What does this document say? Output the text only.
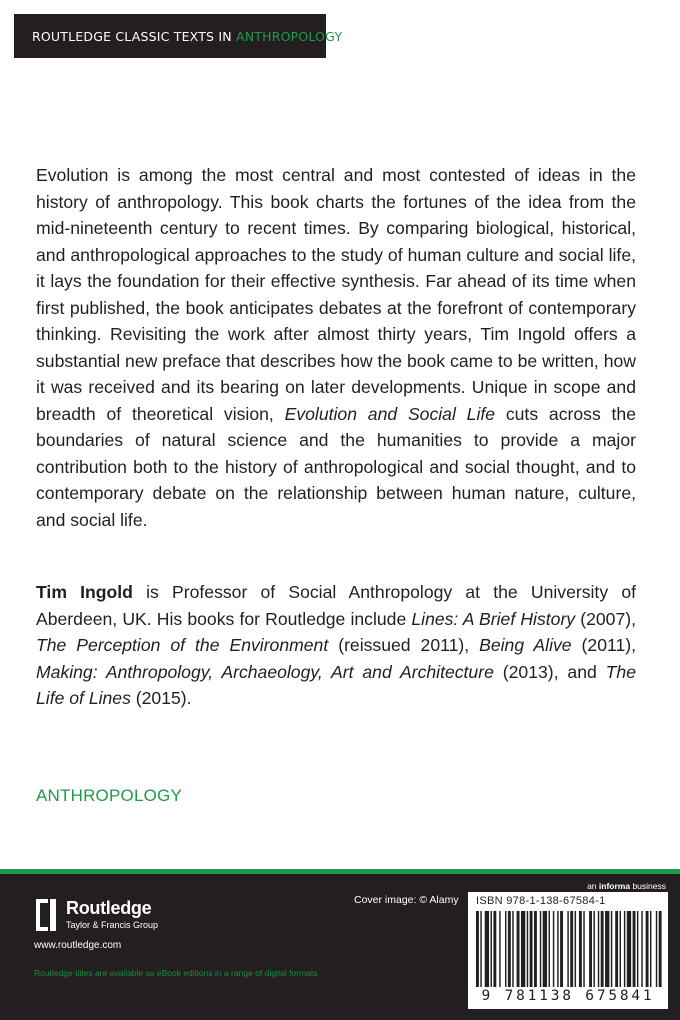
ROUTLEDGE CLASSIC TEXTS IN ANTHROPOLOGY

Evolution is among the most central and most contested of ideas in the history of anthropology. This book charts the fortunes of the idea from the mid-nineteenth century to recent times. By comparing biological, historical, and anthropological approaches to the study of human culture and social life, it lays the foundation for their effective synthesis. Far ahead of its time when first published, the book anticipates debates at the forefront of contemporary thinking. Revisiting the work after almost thirty years, Tim Ingold offers a substantial new preface that describes how the book came to be written, how it was received and its bearing on later developments. Unique in scope and breadth of theoretical vision, Evolution and Social Life cuts across the boundaries of natural science and the humanities to provide a major contribution both to the history of anthropological and social thought, and to contemporary debate on the relationship between human nature, culture, and social life.

Tim Ingold is Professor of Social Anthropology at the University of Aberdeen, UK. His books for Routledge include Lines: A Brief History (2007), The Perception of the Environment (reissued 2011), Being Alive (2011), Making: Anthropology, Archaeology, Art and Architecture (2013), and The Life of Lines (2015).

ANTHROPOLOGY
ROUTLEDGE
Routledge
Taylor & Francis Group
www.routledge.com
Routledge titles are available as eBook editions in a range of digital formats
Cover image: © Alamy
an informa business
ISBN 978-1-138-67584-1
9 781138 675841
